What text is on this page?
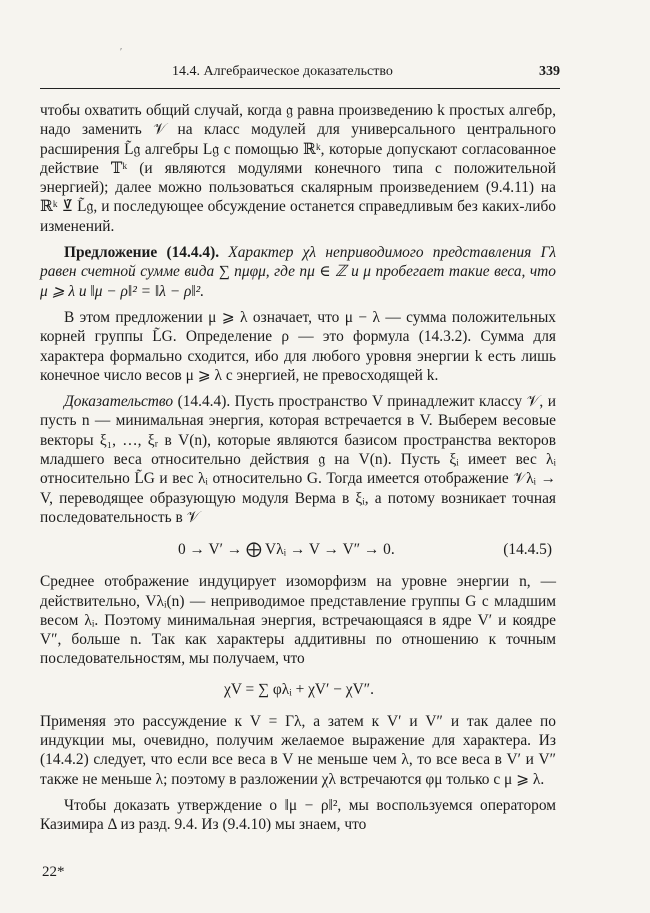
′
14.4. Алгебраическое доказательство	339

чтобы охватить общий случай, когда 𝔤 равна произведению k простых алгебр, надо заменить 𝒱 на класс модулей для универсального центрального расширения L̃𝔤 алгебры L𝔤 с помощью ℝᵏ, которые допускают согласованное действие 𝕋ᵏ (и являются модулями конечного типа с положительной энергией); далее можно пользоваться скалярным произведением (9.4.11) на ℝᵏ ⊻̃ L̃𝔤, и последующее обсуждение останется справедливым без каких-либо изменений.

Предложение (14.4.4). Характер χλ неприводимого представления Γλ равен счетной сумме вида ∑ nμφμ, где nμ ∈ ℤ и μ пробегает такие веса, что μ ⩾ λ и ‖μ − ρ‖² = ‖λ − ρ‖².

В этом предложении μ ⩾ λ означает, что μ − λ — сумма положительных корней группы L̃G. Определение ρ — это формула (14.3.2). Сумма для характера формально сходится, ибо для любого уровня энергии k есть лишь конечное число весов μ ⩾ λ с энергией, не превосходящей k.

Доказательство (14.4.4). Пусть пространство V принадлежит классу 𝒱, и пусть n — минимальная энергия, которая встречается в V. Выберем весовые векторы ξ₁, …, ξᵣ в V(n), которые являются базисом пространства векторов младшего веса относительно действия 𝔤 на V(n). Пусть ξᵢ имеет вес λᵢ относительно L̃G и вес λᵢ относительно G. Тогда имеется отображение 𝒱λᵢ → V, переводящее образующую модуля Верма в ξᵢ, а потому возникает точная последовательность в 𝒱

0 → V′ → ⨁ Vλᵢ → V → V″ → 0.	(14.4.5)

Среднее отображение индуцирует изоморфизм на уровне энергии n, — действительно, Vλᵢ(n) — неприводимое представление группы G с младшим весом λᵢ. Поэтому минимальная энергия, встречающаяся в ядре V′ и коядре V″, больше n. Так как характеры аддитивны по отношению к точным последовательностям, мы получаем, что

χV = ∑ φλᵢ + χV′ − χV″.

Применяя это рассуждение к V = Γλ, а затем к V′ и V″ и так далее по индукции мы, очевидно, получим желаемое выражение для характера. Из (14.4.2) следует, что если все веса в V не меньше чем λ, то все веса в V′ и V″ также не меньше λ; поэтому в разложении χλ встречаются φμ только с μ ⩾ λ.

Чтобы доказать утверждение о ‖μ − ρ‖², мы воспользуемся оператором Казимира Δ из разд. 9.4. Из (9.4.10) мы знаем, что

22*
